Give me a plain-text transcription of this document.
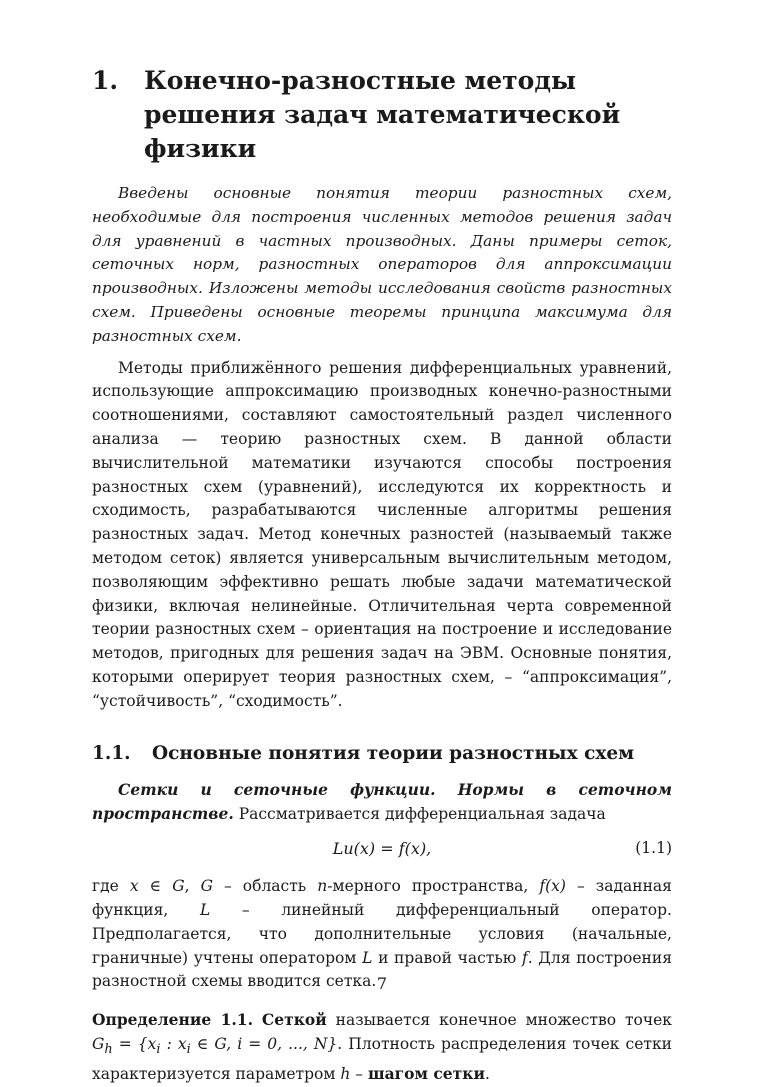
1.	Конечно-разностные методы решения задач математической физики

Введены основные понятия теории разностных схем, необходимые для построения численных методов решения задач для уравнений в частных производных. Даны примеры сеток, сеточных норм, разностных операторов для аппроксимации производных. Изложены методы исследования свойств разностных схем. Приведены основные теоремы принципа максимума для разностных схем.

Методы приближённого решения дифференциальных уравнений, использующие аппроксимацию производных конечно-разностными соотношениями, составляют самостоятельный раздел численного анализа — теорию разностных схем. В данной области вычислительной математики изучаются способы построения разностных схем (уравнений), исследуются их корректность и сходимость, разрабатываются численные алгоритмы решения разностных задач. Метод конечных разностей (называемый также методом сеток) является универсальным вычислительным методом, позволяющим эффективно решать любые задачи математической физики, включая нелинейные. Отличительная черта современной теории разностных схем – ориентация на построение и исследование методов, пригодных для решения задач на ЭВМ. Основные понятия, которыми оперирует теория разностных схем, – “аппроксимация”, “устойчивость”, “сходимость”.

1.1.	Основные понятия теории разностных схем

Сетки и сеточные функции. Нормы в сеточном пространстве. Рассматривается дифференциальная задача

Lu(x) = f(x),	(1.1)

где x ∈ G, G – область n-мерного пространства, f(x) – заданная функция, L – линейный дифференциальный оператор. Предполагается, что дополнительные условия (начальные, граничные) учтены оператором L и правой частью f. Для построения разностной схемы вводится сетка.

Определение 1.1. Сеткой называется конечное множество точек $G_h = \{x_i$ : $x_i$ ∈ G, i = 0, ..., N}. Плотность распределения точек сетки характеризуется параметром h – шагом сетки.

7
